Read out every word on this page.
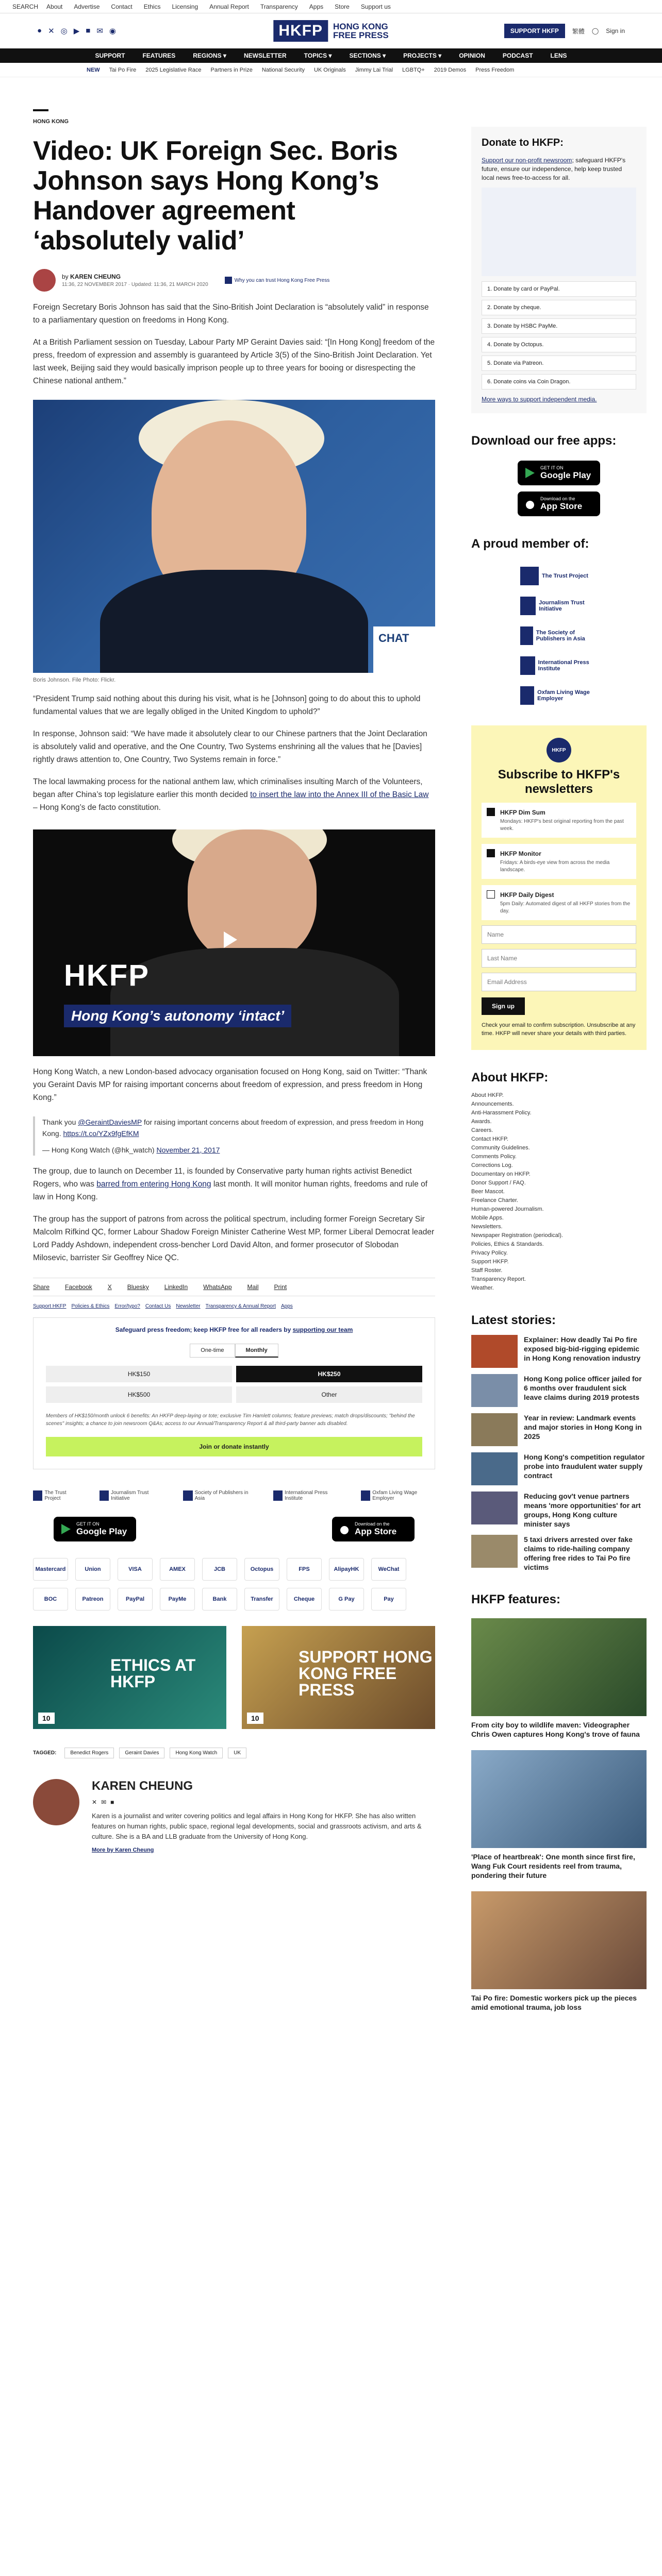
SEARCH About Advertise Contact Ethics Licensing Annual Report Transparency Apps Store Support us
● ✕ ◎ ▶ ■ ✉ ◉	HKFP	HONG KONG
FREE PRESS	SUPPORT HKFP	繁體 ◯ Sign in
SUPPORT	FEATURES	REGIONS ▾	NEWSLETTER	TOPICS ▾	SECTIONS ▾	PROJECTS ▾	OPINION	PODCAST	LENS
NEW Tai Po Fire 2025 Legislative Race Partners in Prize National Security UK Originals Jimmy Lai Trial LGBTQ+ 2019 Demos Press Freedom
HONG KONG
Video: UK Foreign Sec. Boris Johnson says Hong Kong’s Handover agreement ‘absolutely valid’
by KAREN CHEUNG
11:36, 22 NOVEMBER 2017 · Updated: 11:36, 21 MARCH 2020
Why you can trust Hong Kong Free Press

Foreign Secretary Boris Johnson has said that the Sino-British Joint Declaration is “absolutely valid” in response to a parliamentary question on freedoms in Hong Kong.

At a British Parliament session on Tuesday, Labour Party MP Geraint Davies said: “[In Hong Kong] freedom of the press, freedom of expression and assembly is guaranteed by Article 3(5) of the Sino-British Joint Declaration. Yet last week, Beijing said they would basically imprison people up to three years for booing or disrespecting the Chinese national anthem.”

CHAT
Boris Johnson. File Photo: Flickr.

“President Trump said nothing about this during his visit, what is he [Johnson] going to do about this to uphold fundamental values that we are legally obliged in the United Kingdom to uphold?”

In response, Johnson said: “We have made it absolutely clear to our Chinese partners that the Joint Declaration is absolutely valid and operative, and the One Country, Two Systems enshrining all the values that he [Davies] rightly draws attention to, One Country, Two Systems remain in force.”

The local lawmaking process for the national anthem law, which criminalises insulting March of the Volunteers, began after China’s top legislature earlier this month decided to insert the law into the Annex III of the Basic Law – Hong Kong’s de facto constitution.

HKFP
Hong Kong’s autonomy ‘intact’

Hong Kong Watch, a new London-based advocacy organisation focused on Hong Kong, said on Twitter: “Thank you Geraint Davis MP for raising important concerns about freedom of expression, and press freedom in Hong Kong.”

Thank you @GeraintDaviesMP for raising important concerns about freedom of expression, and press freedom in Hong Kong. https://t.co/YZx9fgEfKM
— Hong Kong Watch (@hk_watch) November 21, 2017

The group, due to launch on December 11, is founded by Conservative party human rights activist Benedict Rogers, who was barred from entering Hong Kong last month. It will monitor human rights, freedoms and rule of law in Hong Kong.

The group has the support of patrons from across the political spectrum, including former Foreign Secretary Sir Malcolm Rifkind QC, former Labour Shadow Foreign Minister Catherine West MP, former Liberal Democrat leader Lord Paddy Ashdown, independent cross-bencher Lord David Alton, and former prosecutor of Slobodan Milosevic, barrister Sir Geoffrey Nice QC.

Share	Facebook	X	Bluesky	LinkedIn	WhatsApp	Mail	Print
Support HKFP Policies & Ethics Error/typo? Contact Us Newsletter Transparency & Annual Report Apps
Safeguard press freedom; keep HKFP free for all readers by supporting our team
One-time	Monthly
HK$150	HK$250
HK$500	Other
Members of HK$150/month unlock 6 benefits: An HKFP deep-laying or tote; exclusive Tim Hamlett columns; feature previews; match drops/discounts; "behind the scenes" insights; a chance to join newsroom Q&As; access to our Annual/Transparency Report & all third-party banner ads disabled.
Join or donate instantly
The Trust Project
Journalism Trust Initiative
Society of Publishers in Asia
International Press Institute
Oxfam Living Wage Employer
GET IT ON
Google Play
Download on the
App Store
Mastercard	Union	VISA	AMEX	JCB	Octopus	FPS	AlipayHK	WeChat
BOC	Patreon	PayPal	PayMe	Bank	Transfer	Cheque	G Pay	Pay
ETHICS AT HKFP
10
SUPPORT HONG KONG FREE PRESS
10
TAGGED:	Benedict Rogers	Geraint Davies	Hong Kong Watch	UK
KAREN CHEUNG
✕ ✉ ■
Karen is a journalist and writer covering politics and legal affairs in Hong Kong for HKFP. She has also written features on human rights, public space, regional legal developments, social and grassroots activism, and arts & culture. She is a BA and LLB graduate from the University of Hong Kong.
More by Karen Cheung
Donate to HKFP:
Support our non-profit newsroom; safeguard HKFP's future, ensure our independence, help keep trusted local news free-to-access for all.
1. Donate by card or PayPal.
2. Donate by cheque.
3. Donate by HSBC PayMe.
4. Donate by Octopus.
5. Donate via Patreon.
6. Donate coins via Coin Dragon.
More ways to support independent media.
Download our free apps:
GET IT ON
Google Play
Download on the
App Store
A proud member of:
The Trust Project
Journalism Trust Initiative
The Society of Publishers in Asia
International Press Institute
Oxfam Living Wage Employer
HKFP
Subscribe to HKFP's newsletters
HKFP Dim Sum
Mondays: HKFP's best original reporting from the past week.
HKFP Monitor
Fridays: A birds-eye view from across the media landscape.
HKFP Daily Digest
5pm Daily: Automated digest of all HKFP stories from the day.
Name
Last Name
Email Address
Sign up
Check your email to confirm subscription. Unsubscribe at any time. HKFP will never share your details with third parties.
About HKFP:
About HKFP.
Announcements.
Anti-Harassment Policy.
Awards.
Careers.
Contact HKFP.
Community Guidelines.
Comments Policy.
Corrections Log.
Documentary on HKFP.
Donor Support / FAQ.
Beer Mascot.
Freelance Charter.
Human-powered Journalism.
Mobile Apps.
Newsletters.
Newspaper Registration (periodical).
Policies, Ethics & Standards.
Privacy Policy.
Support HKFP.
Staff Roster.
Transparency Report.
Weather.
Latest stories:
Explainer: How deadly Tai Po fire exposed big-bid-rigging epidemic in Hong Kong renovation industry
Hong Kong police officer jailed for 6 months over fraudulent sick leave claims during 2019 protests
Year in review: Landmark events and major stories in Hong Kong in 2025
Hong Kong's competition regulator probe into fraudulent water supply contract
Reducing gov't venue partners means 'more opportunities' for art groups, Hong Kong culture minister says
5 taxi drivers arrested over fake claims to ride-hailing company offering free rides to Tai Po fire victims
HKFP features:
From city boy to wildlife maven: Videographer Chris Owen captures Hong Kong's trove of fauna
'Place of heartbreak': One month since first fire, Wang Fuk Court residents reel from trauma, pondering their future
Tai Po fire: Domestic workers pick up the pieces amid emotional trauma, job loss
